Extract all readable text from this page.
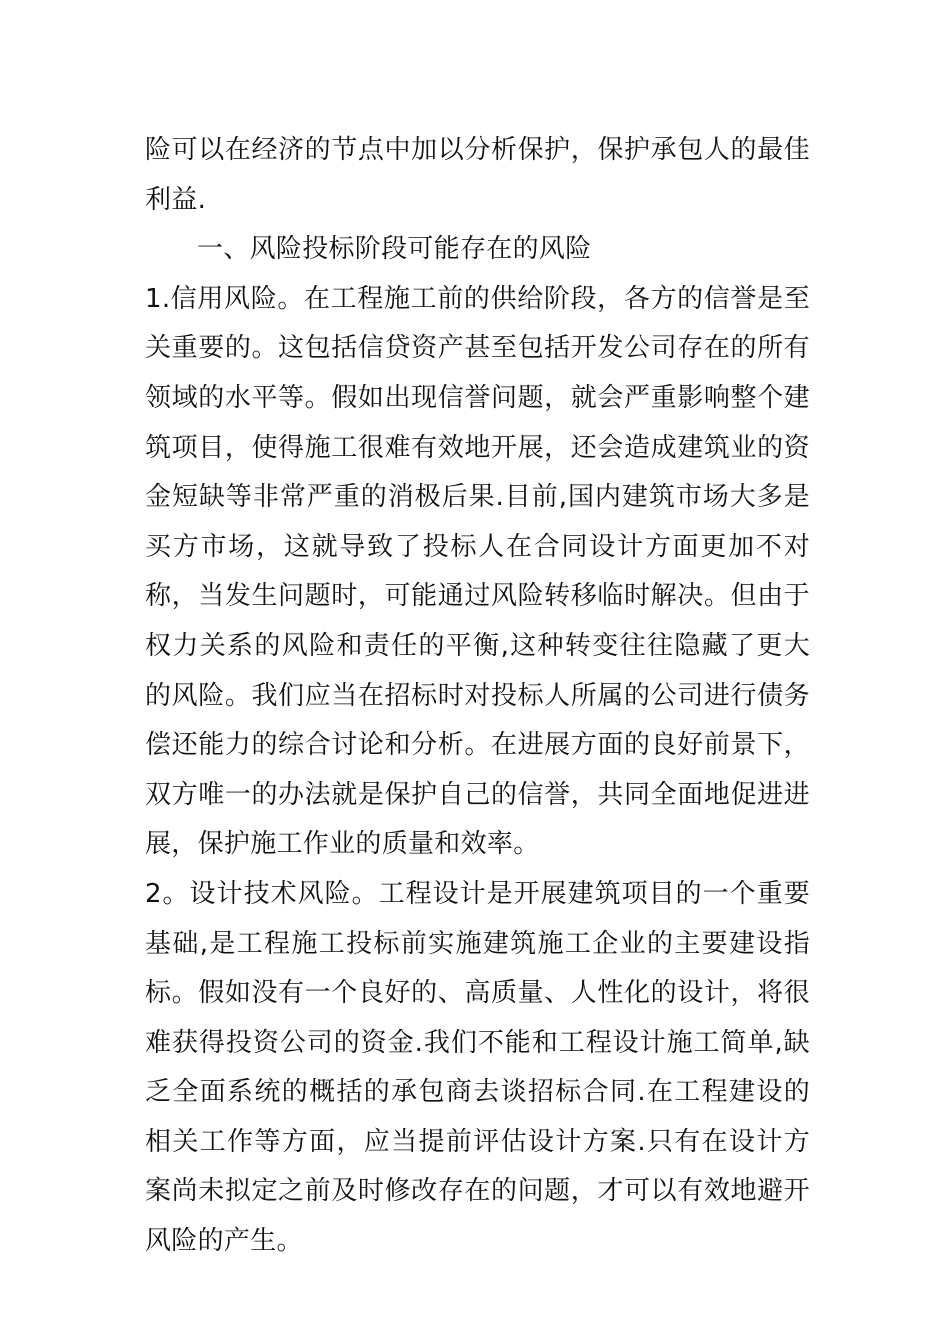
险可以在经济的节点中加以分析保护，保护承包人的最佳利益.

一、风险投标阶段可能存在的风险

1.信用风险。在工程施工前的供给阶段，各方的信誉是至关重要的。这包括信贷资产甚至包括开发公司存在的所有领域的水平等。假如出现信誉问题，就会严重影响整个建筑项目，使得施工很难有效地开展，还会造成建筑业的资金短缺等非常严重的消极后果.目前,国内建筑市场大多是买方市场，这就导致了投标人在合同设计方面更加不对称，当发生问题时，可能通过风险转移临时解决。但由于权力关系的风险和责任的平衡,这种转变往往隐藏了更大的风险。我们应当在招标时对投标人所属的公司进行债务偿还能力的综合讨论和分析。在进展方面的良好前景下，双方唯一的办法就是保护自己的信誉，共同全面地促进进展，保护施工作业的质量和效率。

2。设计技术风险。工程设计是开展建筑项目的一个重要基础,是工程施工投标前实施建筑施工企业的主要建设指标。假如没有一个良好的、高质量、人性化的设计，将很难获得投资公司的资金.我们不能和工程设计施工简单,缺乏全面系统的概括的承包商去谈招标合同.在工程建设的相关工作等方面，应当提前评估设计方案.只有在设计方案尚未拟定之前及时修改存在的问题，才可以有效地避开风险的产生。
